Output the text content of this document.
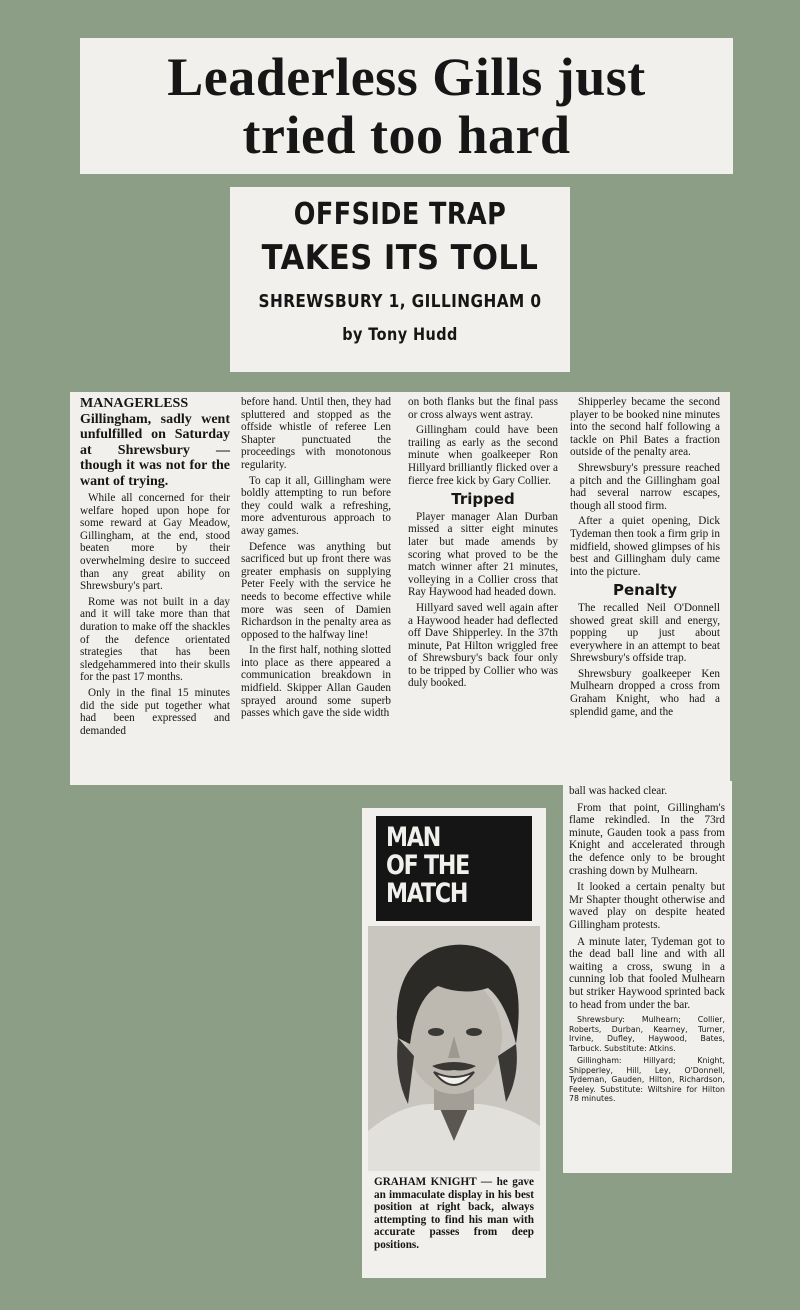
Leaderless Gills just
tried too hard
OFFSIDE TRAP
TAKES ITS TOLL
SHREWSBURY 1, GILLINGHAM 0
by Tony Hudd

MANAGERLESS Gillingham, sadly went unfulfilled on Saturday at Shrewsbury — though it was not for the want of trying.

While all concerned for their welfare hoped upon hope for some reward at Gay Meadow, Gillingham, at the end, stood beaten more by their overwhelming desire to succeed than any great ability on Shrewsbury's part.

Rome was not built in a day and it will take more than that duration to make off the shackles of the defence orientated strategies that has been sledgehammered into their skulls for the past 17 months.

Only in the final 15 minutes did the side put together what had been expressed and demanded

before hand. Until then, they had spluttered and stopped as the offside whistle of referee Len Shapter punctuated the proceedings with monotonous regularity.

To cap it all, Gillingham were boldly attempting to run before they could walk a refreshing, more adventurous approach to away games.

Defence was anything but sacrificed but up front there was greater emphasis on supplying Peter Feely with the service he needs to become effective while more was seen of Damien Richardson in the penalty area as opposed to the halfway line!

In the first half, nothing slotted into place as there appeared a communication breakdown in midfield. Skipper Allan Gauden sprayed around some superb passes which gave the side width

on both flanks but the final pass or cross always went astray.

Gillingham could have been trailing as early as the second minute when goalkeeper Ron Hillyard brilliantly flicked over a fierce free kick by Gary Collier.

Tripped

Player manager Alan Durban missed a sitter eight minutes later but made amends by scoring what proved to be the match winner after 21 minutes, volleying in a Collier cross that Ray Haywood had headed down.

Hillyard saved well again after a Haywood header had deflected off Dave Shipperley. In the 37th minute, Pat Hilton wriggled free of Shrewsbury's back four only to be tripped by Collier who was duly booked.

Shipperley became the second player to be booked nine minutes into the second half following a tackle on Phil Bates a fraction outside of the penalty area.

Shrewsbury's pressure reached a pitch and the Gillingham goal had several narrow escapes, though all stood firm.

After a quiet opening, Dick Tydeman then took a firm grip in midfield, showed glimpses of his best and Gillingham duly came into the picture.

Penalty

The recalled Neil O'Donnell showed great skill and energy, popping up just about everywhere in an attempt to beat Shrewsbury's offside trap.

Shrewsbury goalkeeper Ken Mulhearn dropped a cross from Graham Knight, who had a splendid game, and the

ball was hacked clear.

From that point, Gillingham's flame rekindled. In the 73rd minute, Gauden took a pass from Knight and accelerated through the defence only to be brought crashing down by Mulhearn.

It looked a certain penalty but Mr Shapter thought otherwise and waved play on despite heated Gillingham protests.

A minute later, Tydeman got to the dead ball line and with all waiting a cross, swung in a cunning lob that fooled Mulhearn but striker Haywood sprinted back to head from under the bar.

Shrewsbury: Mulhearn; Collier, Roberts, Durban, Kearney, Turner, Irvine, Dufley, Haywood, Bates, Tarbuck. Substitute: Atkins.

Gillingham: Hillyard; Knight, Shipperley, Hill, Ley, O'Donnell, Tydeman, Gauden, Hilton, Richardson, Feeley. Substitute: Wiltshire for Hilton 78 minutes.

MAN
OF THE
MATCH
GRAHAM KNIGHT — he gave an immaculate display in his best position at right back, always attempting to find his man with accurate passes from deep positions.
